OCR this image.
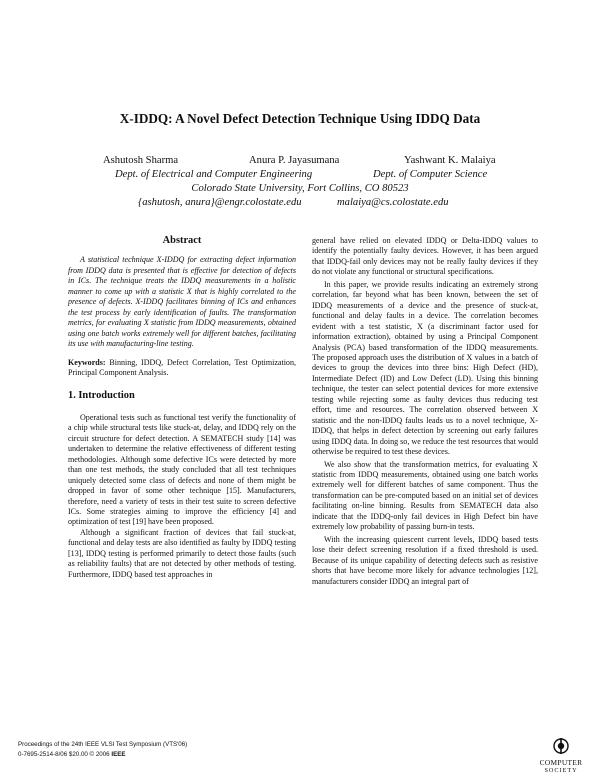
X-IDDQ: A Novel Defect Detection Technique Using IDDQ Data
Ashutosh Sharma	Anura P. Jayasumana	Yashwant K. Malaiya
Dept. of Electrical and Computer Engineering	Dept. of Computer Science
Colorado State University, Fort Collins, CO 80523
{ashutosh, anura}@engr.colostate.edu	malaiya@cs.colostate.edu
Abstract

A statistical technique X-IDDQ for extracting defect information from IDDQ data is presented that is effective for detection of defects in ICs. The technique treats the IDDQ measurements in a holistic manner to come up with a statistic X that is highly correlated to the presence of defects. X-IDDQ facilitates binning of ICs and enhances the test process by early identification of faults. The transformation metrics, for evaluating X statistic from IDDQ measurements, obtained using one batch works extremely well for different batches, facilitating its use with manufacturing-line testing.

Keywords: Binning, IDDQ, Defect Correlation, Test Optimization, Principal Component Analysis.

1. Introduction

Operational tests such as functional test verify the functionality of a chip while structural tests like stuck-at, delay, and IDDQ rely on the circuit structure for defect detection. A SEMATECH study [14] was undertaken to determine the relative effectiveness of different testing methodologies. Although some defective ICs were detected by more than one test methods, the study concluded that all test techniques uniquely detected some class of defects and none of them might be dropped in favor of some other technique [15]. Manufacturers, therefore, need a variety of tests in their test suite to screen defective ICs. Some strategies aiming to improve the efficiency [4] and optimization of test [19] have been proposed.

Although a significant fraction of devices that fail stuck-at, functional and delay tests are also identified as faulty by IDDQ testing [13], IDDQ testing is performed primarily to detect those faults (such as reliability faults) that are not detected by other methods of testing. Furthermore, IDDQ based test approaches in

general have relied on elevated IDDQ or Delta-IDDQ values to identify the potentially faulty devices. However, it has been argued that IDDQ-fail only devices may not be really faulty devices if they do not violate any functional or structural specifications.

In this paper, we provide results indicating an extremely strong correlation, far beyond what has been known, between the set of IDDQ measurements of a device and the presence of stuck-at, functional and delay faults in a device. The correlation becomes evident with a test statistic, X (a discriminant factor used for information extraction), obtained by using a Principal Component Analysis (PCA) based transformation of the IDDQ measurements. The proposed approach uses the distribution of X values in a batch of devices to group the devices into three bins: High Defect (HD), Intermediate Defect (ID) and Low Defect (LD). Using this binning technique, the tester can select potential devices for more extensive testing while rejecting some as faulty devices thus reducing test effort, time and resources. The correlation observed between X statistic and the non-IDDQ faults leads us to a novel technique, X-IDDQ, that helps in defect detection by screening out early failures using IDDQ data. In doing so, we reduce the test resources that would otherwise be required to test these devices.

We also show that the transformation metrics, for evaluating X statistic from IDDQ measurements, obtained using one batch works extremely well for different batches of same component. Thus the transformation can be pre-computed based on an initial set of devices facilitating on-line binning. Results from SEMATECH data also indicate that the IDDQ-only fail devices in High Defect bin have extremely low probability of passing burn-in tests.

With the increasing quiescent current levels, IDDQ based tests lose their defect screening resolution if a fixed threshold is used. Because of its unique capability of detecting defects such as resistive shorts that have become more likely for advance technologies [12], manufacturers consider IDDQ an integral part of

Proceedings of the 24th IEEE VLSI Test Symposium (VTS'06)
0-7695-2514-8/06 $20.00 © 2006 IEEE
COMPUTER
SOCIETY
